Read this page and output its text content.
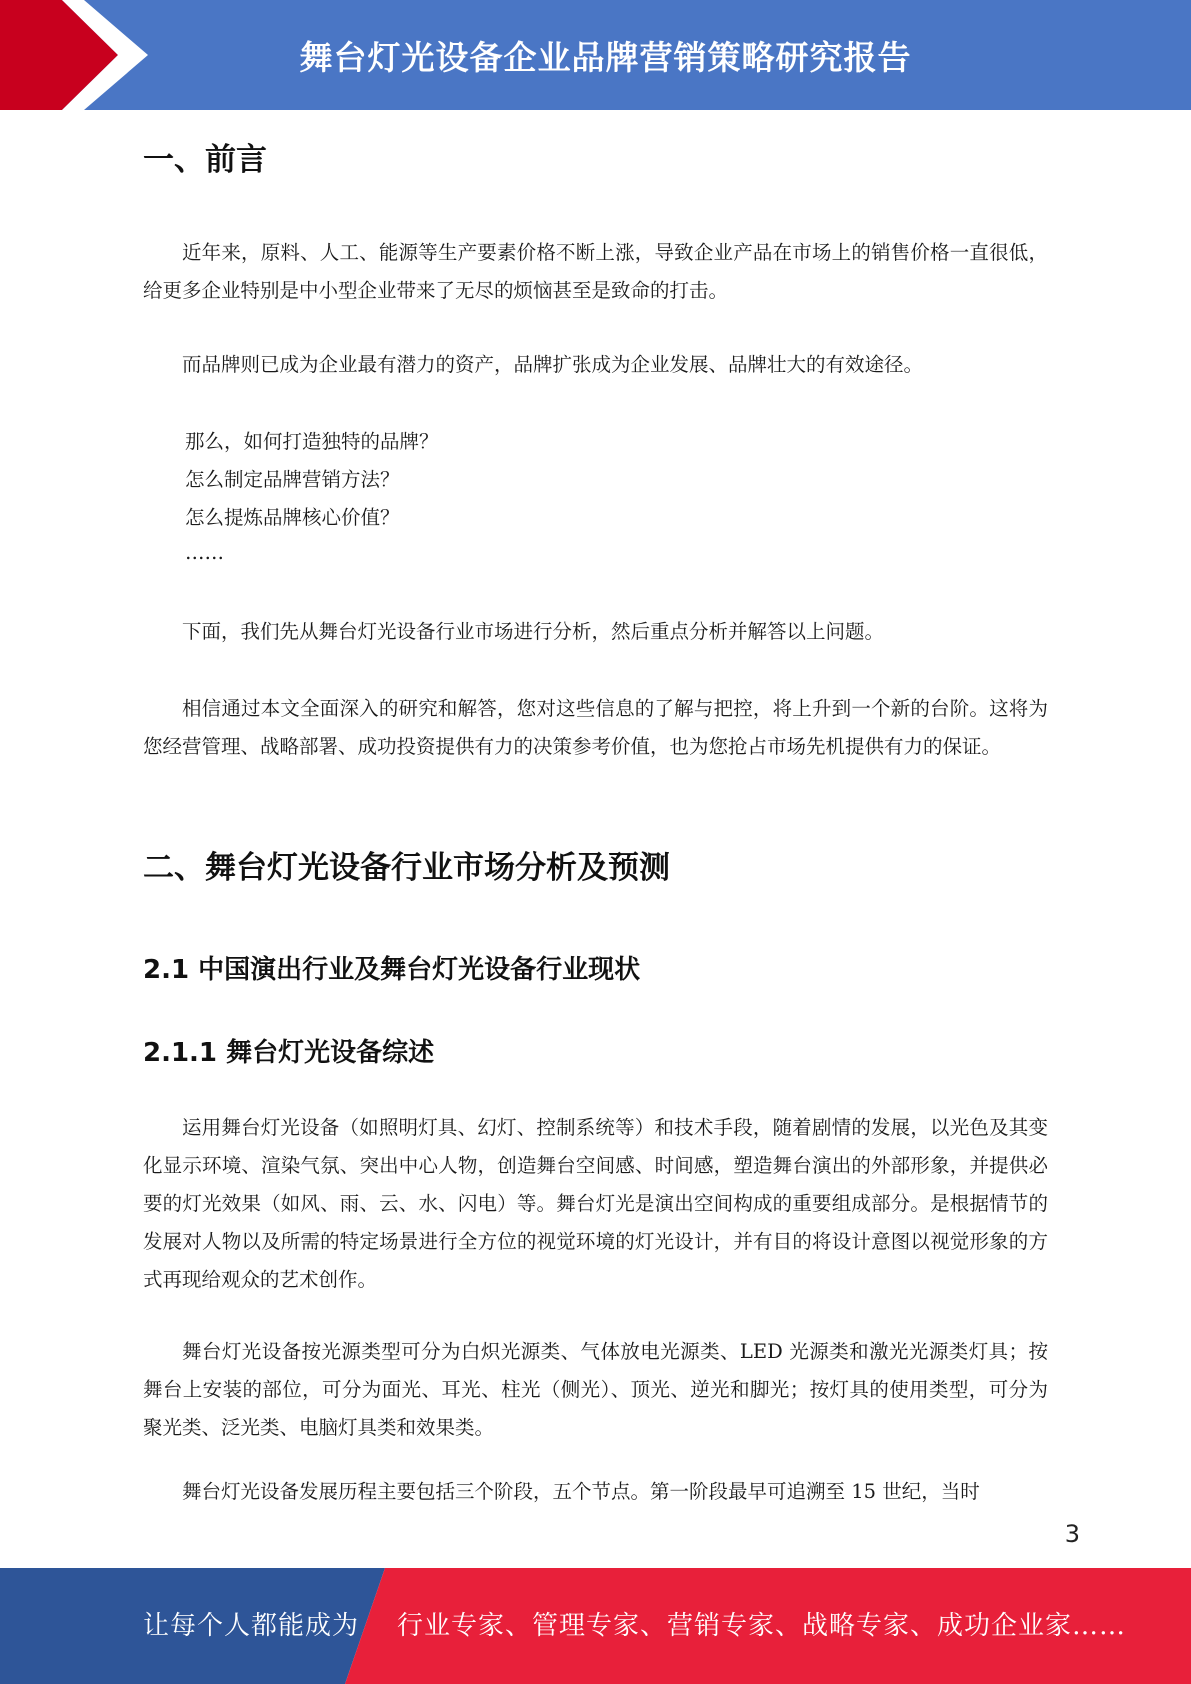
舞台灯光设备企业品牌营销策略研究报告
一、前言

近年来，原料、人工、能源等生产要素价格不断上涨，导致企业产品在市场上的销售价格一直很低，给更多企业特别是中小型企业带来了无尽的烦恼甚至是致命的打击。

而品牌则已成为企业最有潜力的资产，品牌扩张成为企业发展、品牌壮大的有效途径。

那么，如何打造独特的品牌？

怎么制定品牌营销方法？

怎么提炼品牌核心价值？

……

下面，我们先从舞台灯光设备行业市场进行分析，然后重点分析并解答以上问题。

相信通过本文全面深入的研究和解答，您对这些信息的了解与把控，将上升到一个新的台阶。这将为您经营管理、战略部署、成功投资提供有力的决策参考价值，也为您抢占市场先机提供有力的保证。

二、舞台灯光设备行业市场分析及预测
2.1 中国演出行业及舞台灯光设备行业现状
2.1.1 舞台灯光设备综述

运用舞台灯光设备（如照明灯具、幻灯、控制系统等）和技术手段，随着剧情的发展，以光色及其变化显示环境、渲染气氛、突出中心人物，创造舞台空间感、时间感，塑造舞台演出的外部形象，并提供必要的灯光效果（如风、雨、云、水、闪电）等。舞台灯光是演出空间构成的重要组成部分。是根据情节的发展对人物以及所需的特定场景进行全方位的视觉环境的灯光设计，并有目的将设计意图以视觉形象的方式再现给观众的艺术创作。

舞台灯光设备按光源类型可分为白炽光源类、气体放电光源类、LED 光源类和激光光源类灯具；按舞台上安装的部位，可分为面光、耳光、柱光（侧光）、顶光、逆光和脚光；按灯具的使用类型，可分为聚光类、泛光类、电脑灯具类和效果类。

舞台灯光设备发展历程主要包括三个阶段，五个节点。第一阶段最早可追溯至 15 世纪，当时

3
让每个人都能成为 行业专家、管理专家、营销专家、战略专家、成功企业家……
